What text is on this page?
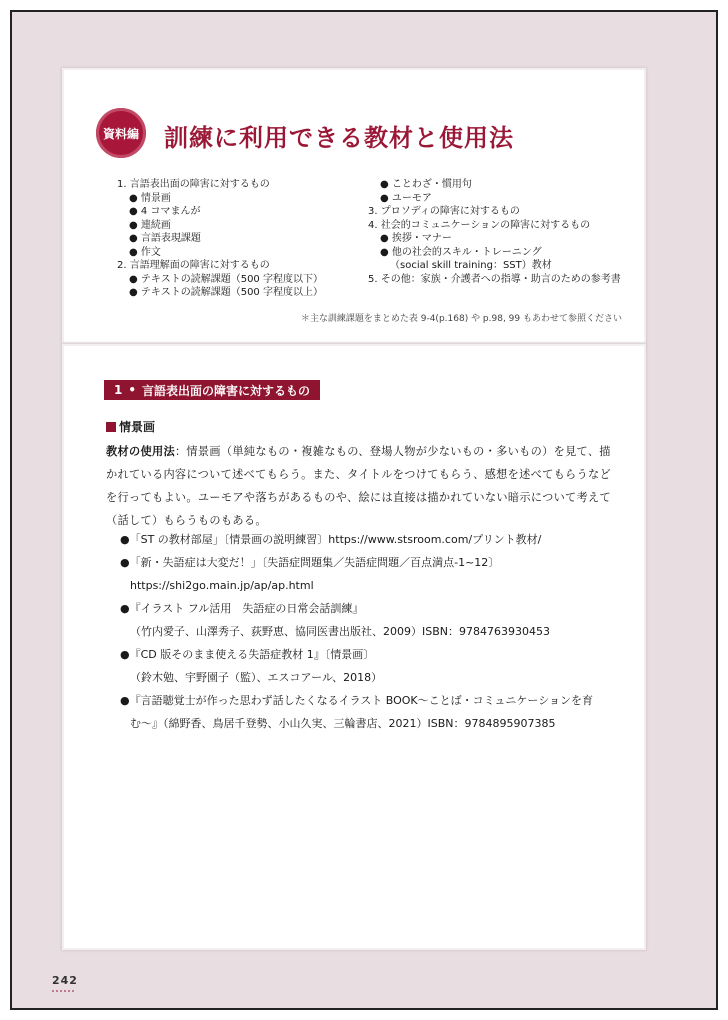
資料編 訓練に利用できる教材と使用法
1. 言語表出面の障害に対するもの
● 情景画
● 4 コマまんが
● 連続画
● 言語表現課題
● 作文
2. 言語理解面の障害に対するもの
● テキストの読解課題（500 字程度以下）
● テキストの読解課題（500 字程度以上）
● ことわざ・慣用句
● ユーモア
3. プロソディの障害に対するもの
4. 社会的コミュニケーションの障害に対するもの
● 挨拶・マナー
● 他の社会的スキル・トレーニング
（social skill training：SST）教材
5. その他：家族・介護者への指導・助言のための参考書
＊主な訓練課題をまとめた表 9-4(p.168) や p.98, 99 もあわせて参照ください
1 • 言語表出面の障害に対するもの
情景画
教材の使用法：情景画（単純なもの・複雑なもの、登場人物が少ないもの・多いもの）を見て、描かれている内容について述べてもらう。また、タイトルをつけてもらう、感想を述べてもらうなどを行ってもよい。ユーモアや落ちがあるものや、絵には直接は描かれていない暗示について考えて（話して）もらうものもある。
●「ST の教材部屋」〔情景画の説明練習〕https://www.stsroom.com/プリント教材/
●「新・失語症は大変だ！」〔失語症問題集／失語症問題／百点満点-1~12〕
https://shi2go.main.jp/ap/ap.html
●『イラスト フル活用　失語症の日常会話訓練』
（竹内愛子、山澤秀子、荻野恵、協同医書出版社、2009）ISBN：9784763930453
●『CD 版そのまま使える失語症教材 1』〔情景画〕
（鈴木勉、宇野園子（監）、エスコアール、2018）
●『言語聴覚士が作った思わず話したくなるイラスト BOOK〜ことば・コミュニケーションを育
む〜』（綿野香、鳥居千登勢、小山久実、三輪書店、2021）ISBN：9784895907385
242
